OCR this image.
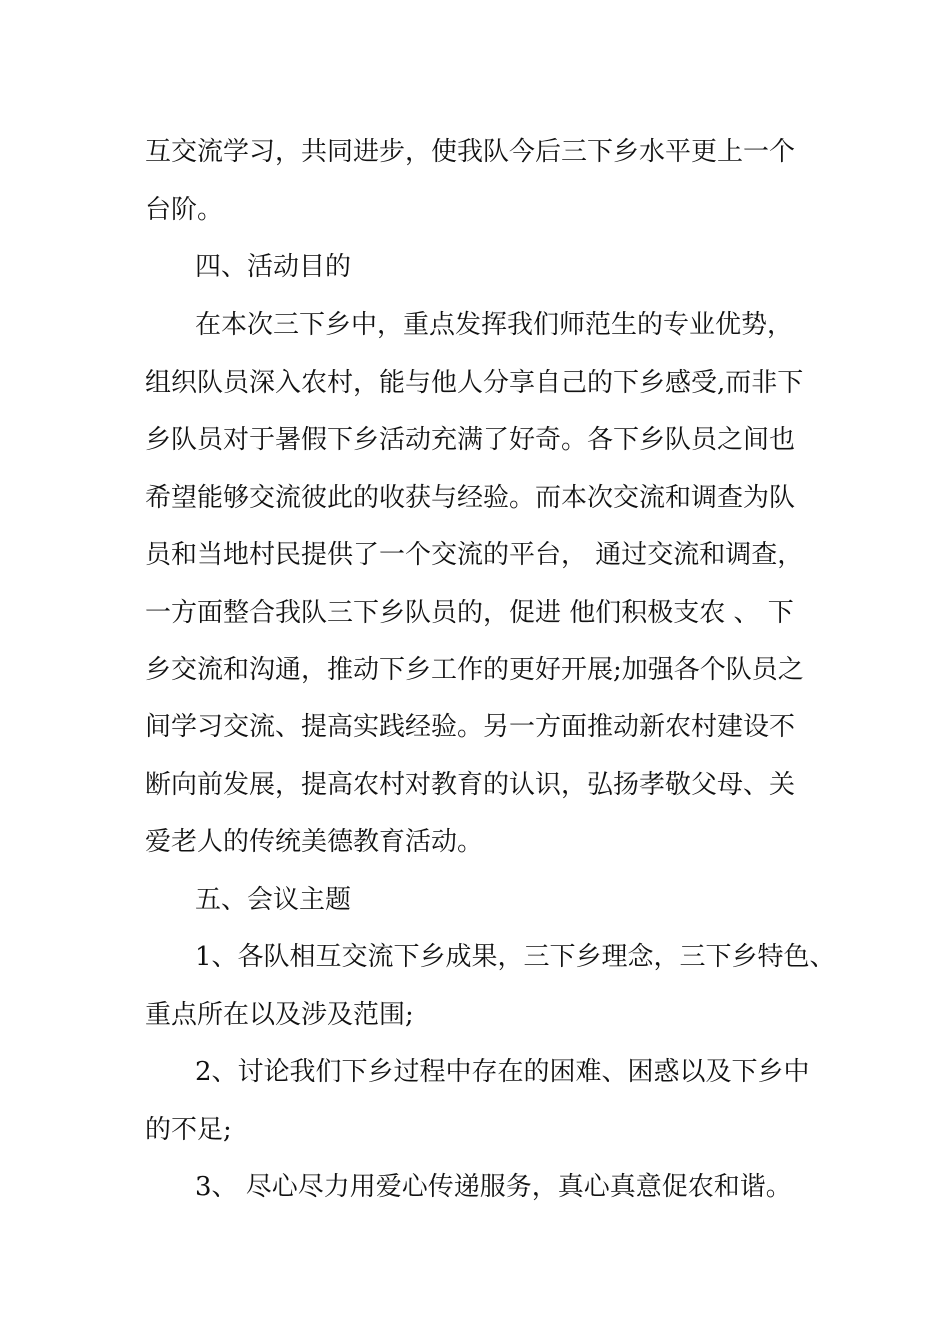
互交流学习，共同进步，使我队今后三下乡水平更上一个
台阶。
四、活动目的
在本次三下乡中，重点发挥我们师范生的专业优势，
组织队员深入农村，能与他人分享自己的下乡感受,而非下
乡队员对于暑假下乡活动充满了好奇。各下乡队员之间也
希望能够交流彼此的收获与经验。而本次交流和调查为队
员和当地村民提供了一个交流的平台， 通过交流和调查，
一方面整合我队三下乡队员的，促进 他们积极支农 、 下
乡交流和沟通，推动下乡工作的更好开展;加强各个队员之
间学习交流、提高实践经验。另一方面推动新农村建设不
断向前发展，提高农村对教育的认识，弘扬孝敬父母、关
爱老人的传统美德教育活动。
五、会议主题
1、各队相互交流下乡成果，三下乡理念，三下乡特色、
重点所在以及涉及范围;
2、讨论我们下乡过程中存在的困难、困惑以及下乡中
的不足;
3、 尽心尽力用爱心传递服务，真心真意促农和谐。
